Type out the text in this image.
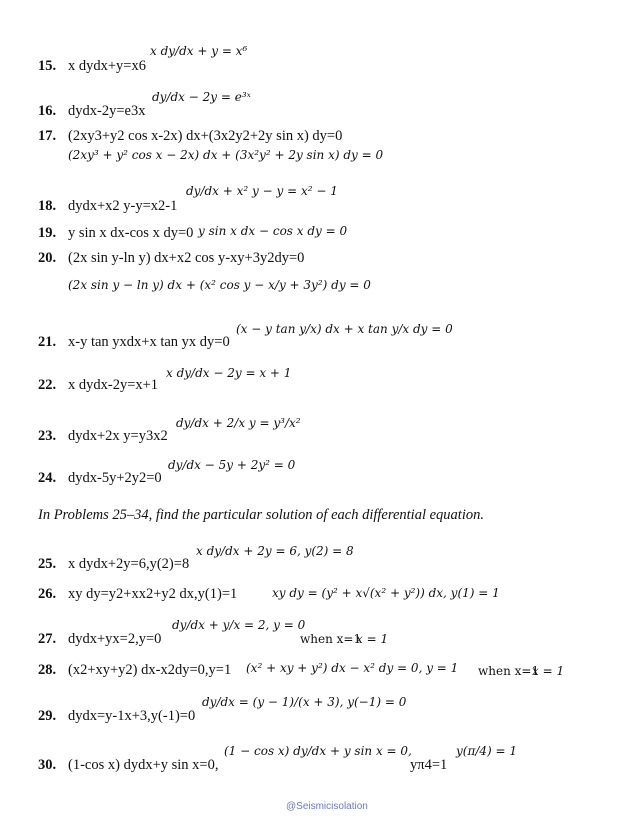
15. x dydx+y=x6
x dy/dx + y = x⁶
16. dydx-2y=e3x
dy/dx − 2y = e³ˣ
17. (2xy3+y2 cos x-2x) dx+(3x2y2+2y sin x) dy=0
(2xy³ + y² cos x − 2x) dx + (3x²y² + 2y sin x) dy = 0
18. dydx+x2 y-y=x2-1
dy/dx + x² y − y = x² − 1
19. y sin x dx-cos x dy=0 y sin x dx − cos x dy = 0
20. (2x sin y-ln y) dx+x2 cos y-xy+3y2dy=0
(2x sin y − ln y) dx + (x² cos y − x/y + 3y²) dy = 0
21. x-y tan yxdx+x tan yx dy=0
(x − y tan y/x) dx + x tan y/x dy = 0
22. x dydx-2y=x+1
x dy/dx − 2y = x + 1
23. dydx+2x y=y3x2
dy/dx + 2/x y = y³/x²
24. dydx-5y+2y2=0
dy/dx − 5y + 2y² = 0
In Problems 25–34, find the particular solution of each differential equation.
25. x dydx+2y=6,y(2)=8
x dy/dx + 2y = 6, y(2) = 8
26. xy dy=y2+xx2+y2 dx,y(1)=1	xy dy = (y² + x√(x² + y²)) dx, y(1) = 1
27. dydx+yx=2,y=0
dy/dx + y/x = 2, y = 0
when x=1
x = 1
28. (x2+xy+y2) dx-x2dy=0,y=1 (x² + xy + y²) dx − x² dy = 0, y = 1 when x=1
x = 1
29. dydx=y-1x+3,y(-1)=0
dy/dx = (y − 1)/(x + 3), y(−1) = 0
30. (1-cos x) dydx+y sin x=0,
(1 − cos x) dy/dx + y sin x = 0,
yπ4=1
y(π/4) = 1
@Seismicisolation
